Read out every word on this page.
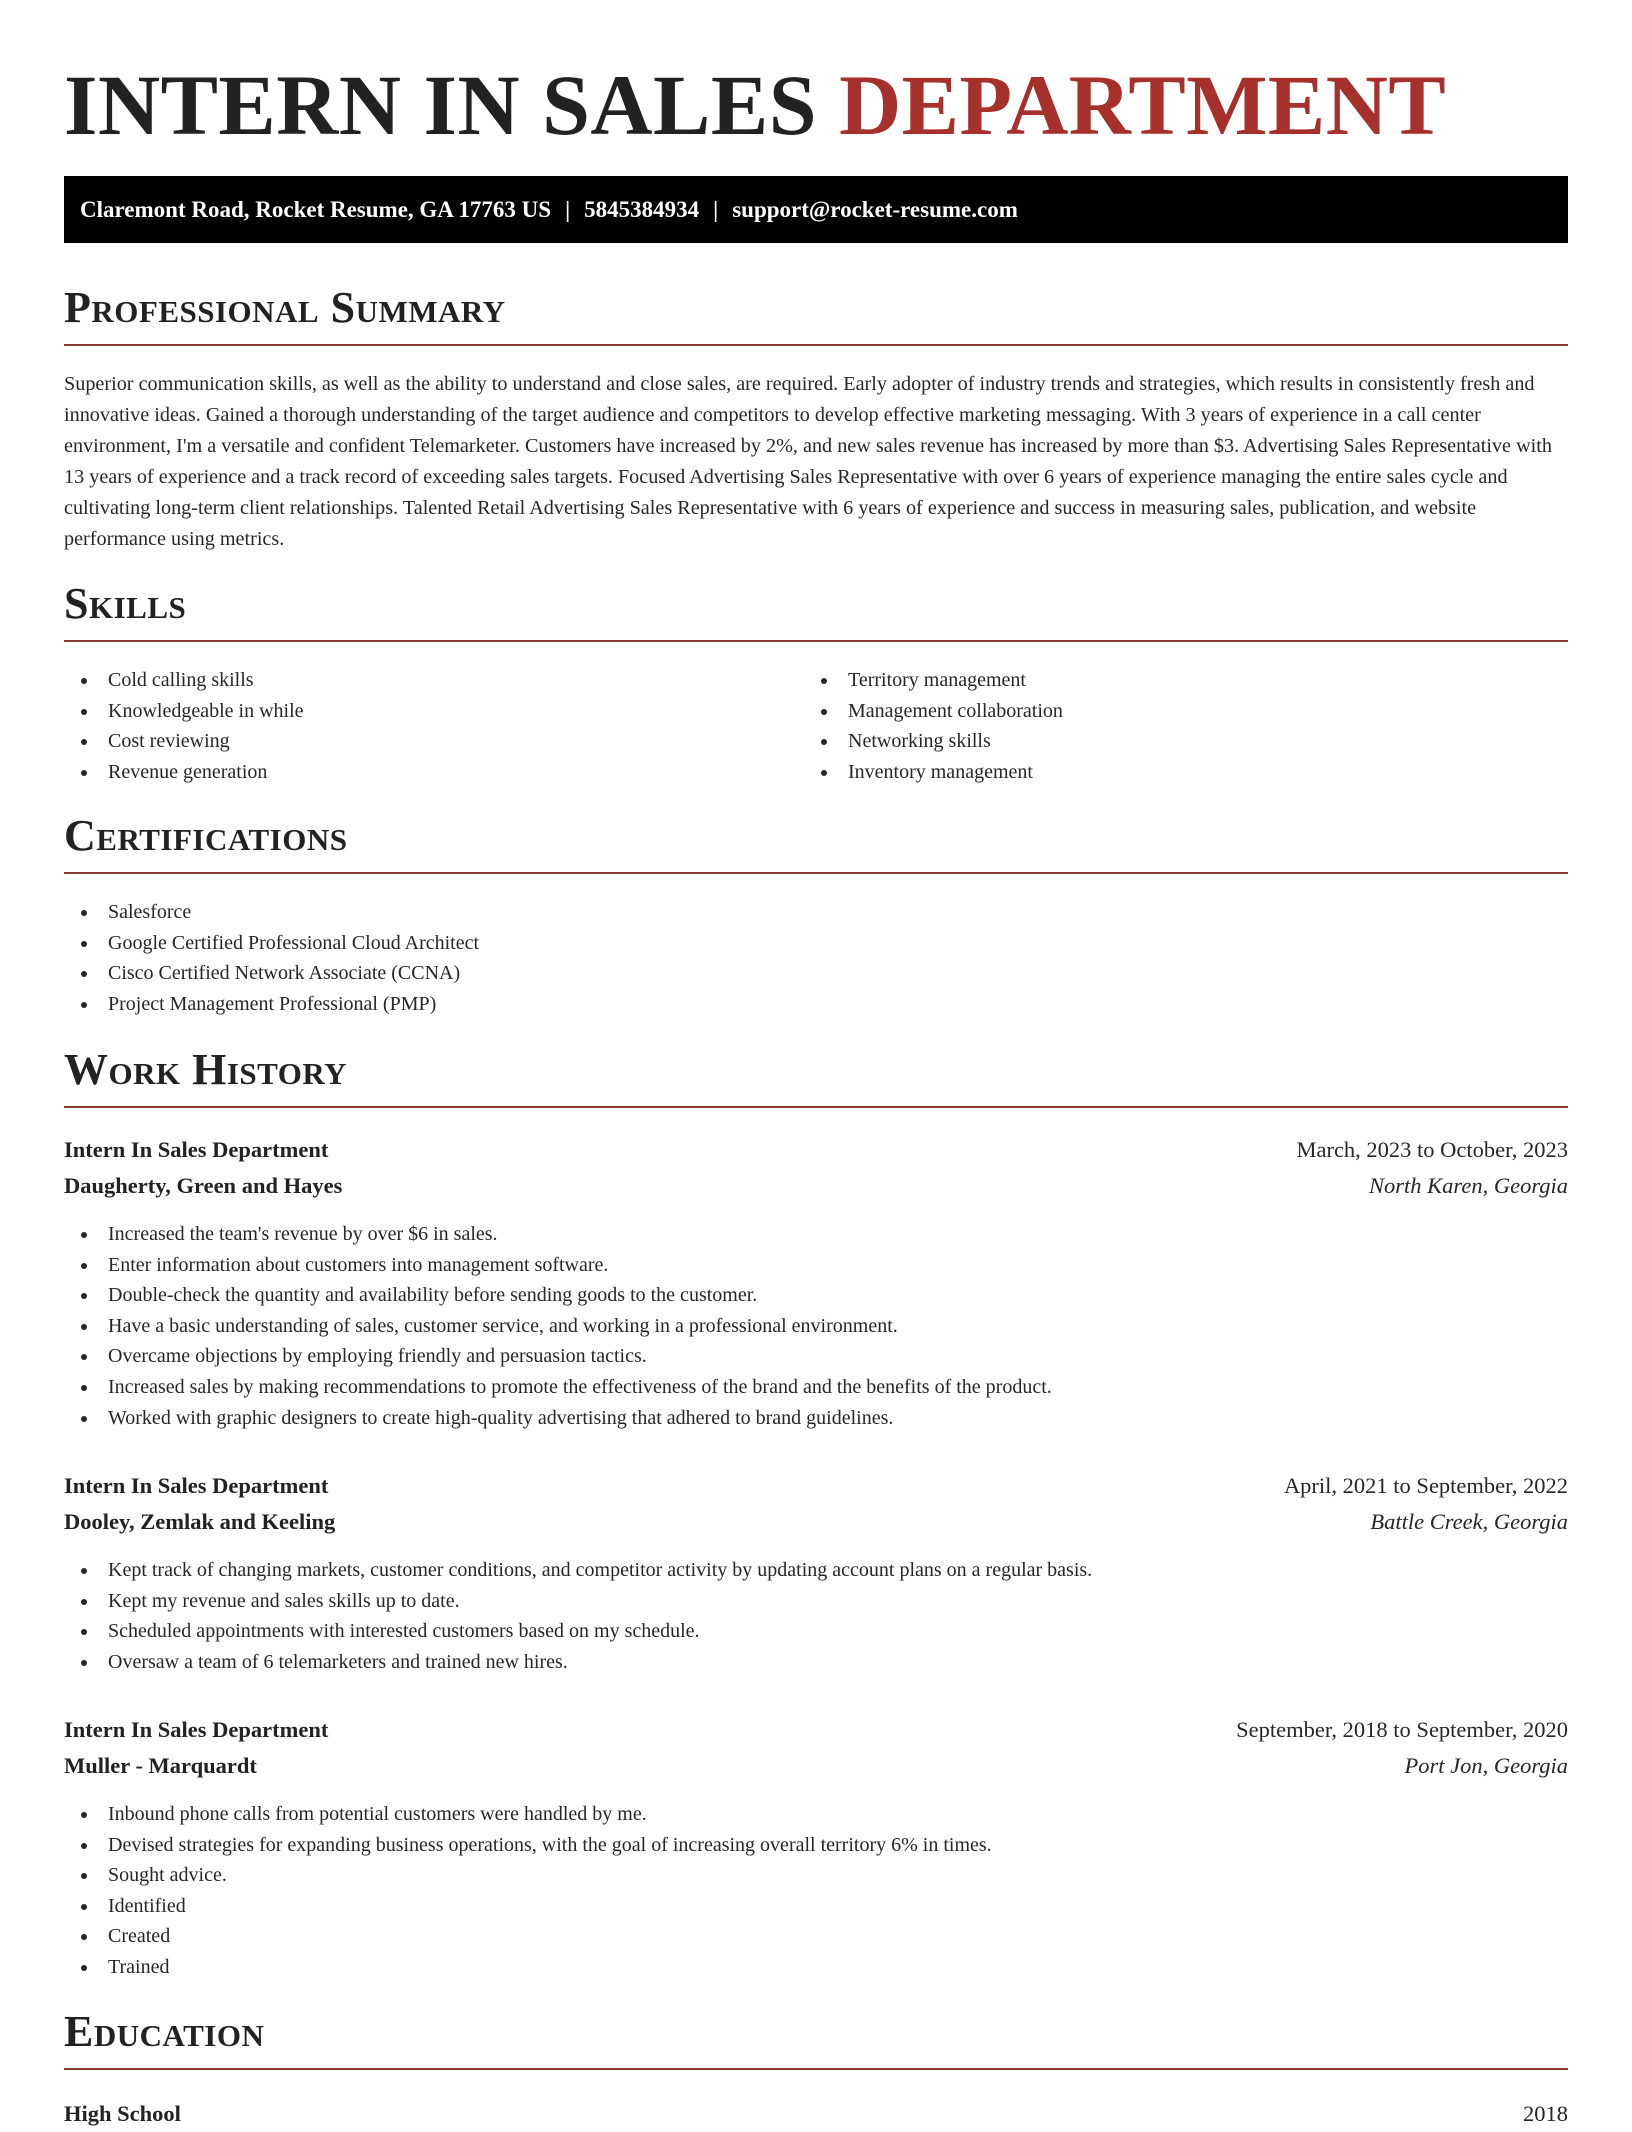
INTERN IN SALES DEPARTMENT
Claremont Road, Rocket Resume, GA 17763 US | 5845384934 | support@rocket-resume.com
Professional Summary

Superior communication skills, as well as the ability to understand and close sales, are required. Early adopter of industry trends and strategies, which results in consistently fresh and innovative ideas. Gained a thorough understanding of the target audience and competitors to develop effective marketing messaging. With 3 years of experience in a call center environment, I'm a versatile and confident Telemarketer. Customers have increased by 2%, and new sales revenue has increased by more than $3. Advertising Sales Representative with 13 years of experience and a track record of exceeding sales targets. Focused Advertising Sales Representative with over 6 years of experience managing the entire sales cycle and cultivating long-term client relationships. Talented Retail Advertising Sales Representative with 6 years of experience and success in measuring sales, publication, and website performance using metrics.

Skills
Cold calling skills
Knowledgeable in while
Cost reviewing
Revenue generation
Territory management
Management collaboration
Networking skills
Inventory management
Certifications
Salesforce
Google Certified Professional Cloud Architect
Cisco Certified Network Associate (CCNA)
Project Management Professional (PMP)
Work History
Intern In Sales Department	March, 2023 to October, 2023
Daugherty, Green and Hayes	North Karen, Georgia
Increased the team's revenue by over $6 in sales.
Enter information about customers into management software.
Double-check the quantity and availability before sending goods to the customer.
Have a basic understanding of sales, customer service, and working in a professional environment.
Overcame objections by employing friendly and persuasion tactics.
Increased sales by making recommendations to promote the effectiveness of the brand and the benefits of the product.
Worked with graphic designers to create high-quality advertising that adhered to brand guidelines.
Intern In Sales Department	April, 2021 to September, 2022
Dooley, Zemlak and Keeling	Battle Creek, Georgia
Kept track of changing markets, customer conditions, and competitor activity by updating account plans on a regular basis.
Kept my revenue and sales skills up to date.
Scheduled appointments with interested customers based on my schedule.
Oversaw a team of 6 telemarketers and trained new hires.
Intern In Sales Department	September, 2018 to September, 2020
Muller - Marquardt	Port Jon, Georgia
Inbound phone calls from potential customers were handled by me.
Devised strategies for expanding business operations, with the goal of increasing overall territory 6% in times.
Sought advice.
Identified
Created
Trained
Education
High School	2018
